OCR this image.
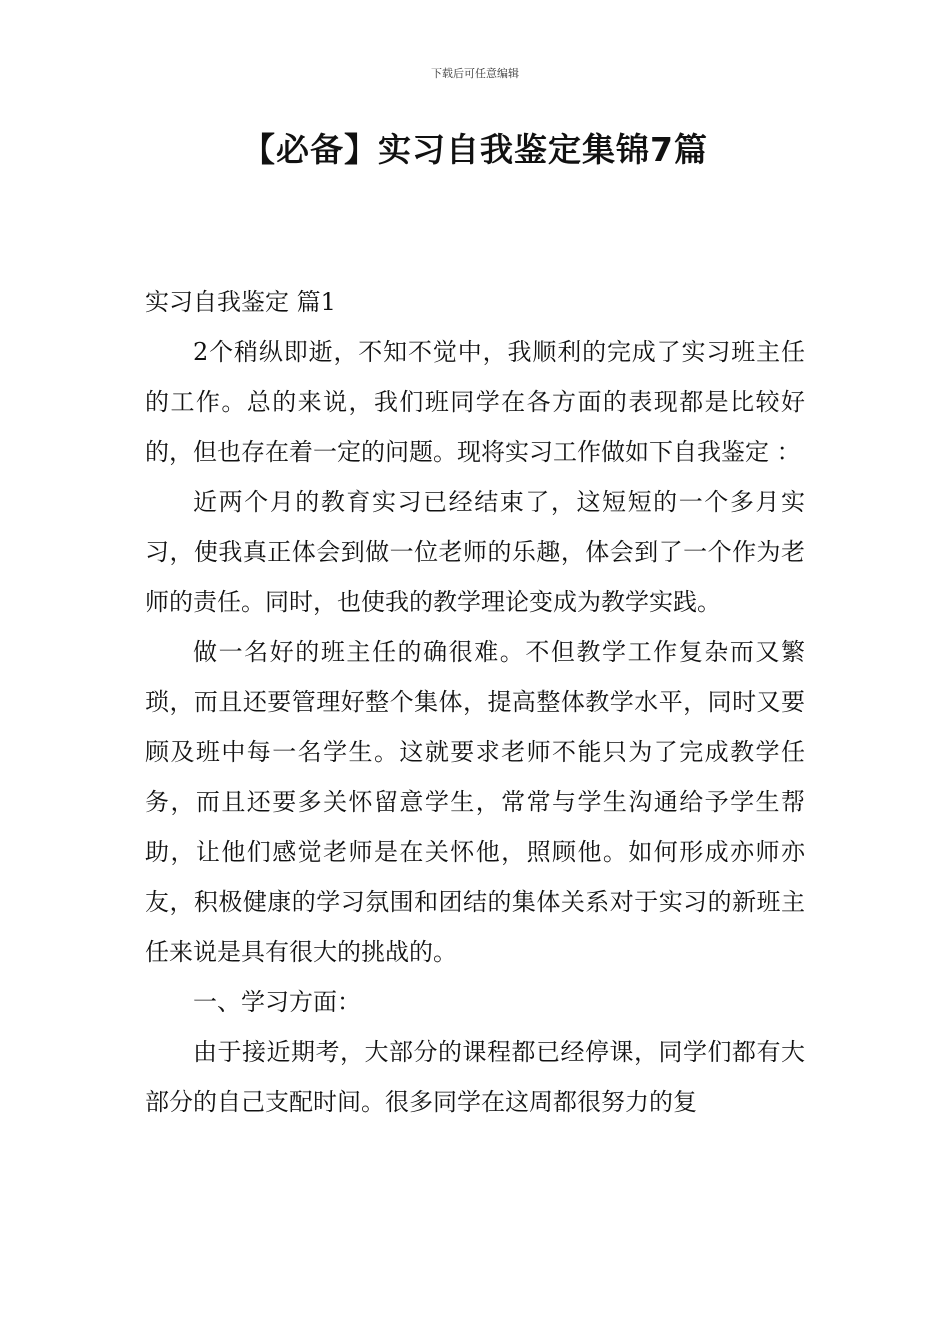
下载后可任意编辑
【必备】实习自我鉴定集锦7篇
实习自我鉴定 篇1

2个稍纵即逝，不知不觉中，我顺利的完成了实习班主任的工作。总的来说，我们班同学在各方面的表现都是比较好的，但也存在着一定的问题。现将实习工作做如下自我鉴定 ：

近两个月的教育实习已经结束了，这短短的一个多月实习，使我真正体会到做一位老师的乐趣，体会到了一个作为老师的责任。同时，也使我的教学理论变成为教学实践。

做一名好的班主任的确很难。不但教学工作复杂而又繁琐，而且还要管理好整个集体，提高整体教学水平，同时又要顾及班中每一名学生。这就要求老师不能只为了完成教学任务，而且还要多关怀留意学生，常常与学生沟通给予学生帮助，让他们感觉老师是在关怀他，照顾他。如何形成亦师亦友，积极健康的学习氛围和团结的集体关系对于实习的新班主任来说是具有很大的挑战的。

一、学习方面：

由于接近期考，大部分的课程都已经停课，同学们都有大部分的自己支配时间。很多同学在这周都很努力的复
